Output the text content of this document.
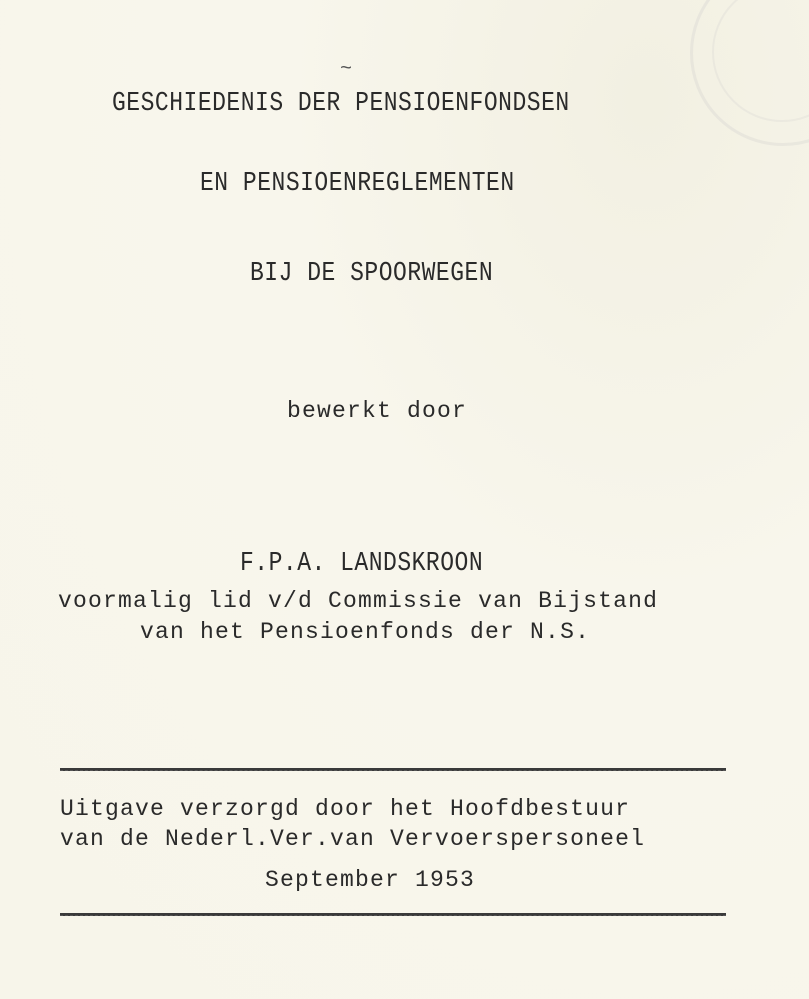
~
GESCHIEDENIS DER PENSIOENFONDSEN
EN PENSIOENREGLEMENTEN
BIJ DE SPOORWEGEN
bewerkt door
F.P.A. LANDSKROON
voormalig lid v/d Commissie van Bijstand
van het Pensioenfonds der N.S.
Uitgave verzorgd door het Hoofdbestuur
van de Nederl.Ver.van Vervoerspersoneel
September 1953
